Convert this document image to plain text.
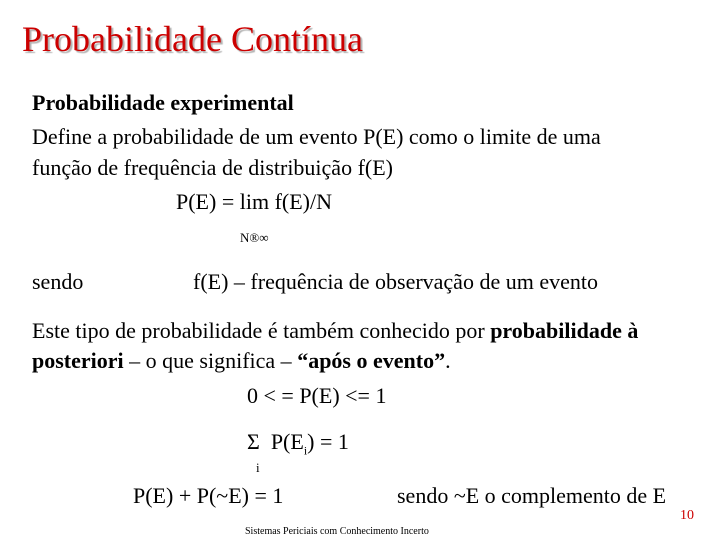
Probabilidade Contínua
Probabilidade experimental
Define a probabilidade de um evento P(E) como o limite de uma
função de frequência de distribuição f(E)
P(E) = lim f(E)/N
N®∞
sendo	f(E) – frequência de observação de um evento
Este tipo de probabilidade é também conhecido por probabilidade à
posteriori – o que significa – “após o evento”.
0 < = P(E) <= 1
Σ $P(E_i) = 1$
i
P(E) + P(~E) = 1	sendo ~E o complemento de E
10
Sistemas Periciais com Conhecimento Incerto
